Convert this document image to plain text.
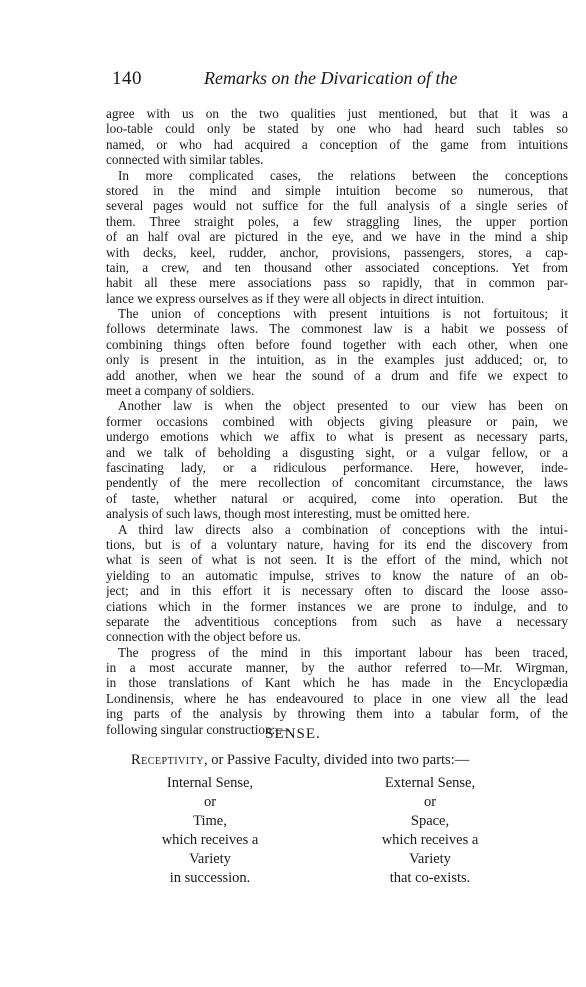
140	Remarks on the Divarication of the
agree with us on the two qualities just mentioned, but that it was a
loo-table could only be stated by one who had heard such tables so
named, or who had acquired a conception of the game from intuitions
connected with similar tables.
In more complicated cases, the relations between the conceptions
stored in the mind and simple intuition become so numerous, that
several pages would not suffice for the full analysis of a single series of
them. Three straight poles, a few straggling lines, the upper portion
of an half oval are pictured in the eye, and we have in the mind a ship
with decks, keel, rudder, anchor, provisions, passengers, stores, a cap-
tain, a crew, and ten thousand other associated conceptions. Yet from
habit all these mere associations pass so rapidly, that in common par-
lance we express ourselves as if they were all objects in direct intuition.
The union of conceptions with present intuitions is not fortuitous; it
follows determinate laws. The commonest law is a habit we possess of
combining things often before found together with each other, when one
only is present in the intuition, as in the examples just adduced; or, to
add another, when we hear the sound of a drum and fife we expect to
meet a company of soldiers.
Another law is when the object presented to our view has been on
former occasions combined with objects giving pleasure or pain, we
undergo emotions which we affix to what is present as necessary parts,
and we talk of beholding a disgusting sight, or a vulgar fellow, or a
fascinating lady, or a ridiculous performance. Here, however, inde-
pendently of the mere recollection of concomitant circumstance, the laws
of taste, whether natural or acquired, come into operation. But the
analysis of such laws, though most interesting, must be omitted here.
A third law directs also a combination of conceptions with the intui-
tions, but is of a voluntary nature, having for its end the discovery from
what is seen of what is not seen. It is the effort of the mind, which not
yielding to an automatic impulse, strives to know the nature of an ob-
ject; and in this effort it is necessary often to discard the loose asso-
ciations which in the former instances we are prone to indulge, and to
separate the adventitious conceptions from such as have a necessary
connection with the object before us.
The progress of the mind in this important labour has been traced,
in a most accurate manner, by the author referred to—Mr. Wirgman,
in those translations of Kant which he has made in the Encyclopædia
Londinensis, where he has endeavoured to place in one view all the lead
ing parts of the analysis by throwing them into a tabular form, of the
following singular construction:—
SENSE.
Receptivity, or Passive Faculty, divided into two parts:—
Internal Sense,
or
Time,
which receives a
Variety
in succession.
External Sense,
or
Space,
which receives a
Variety
that co-exists.
